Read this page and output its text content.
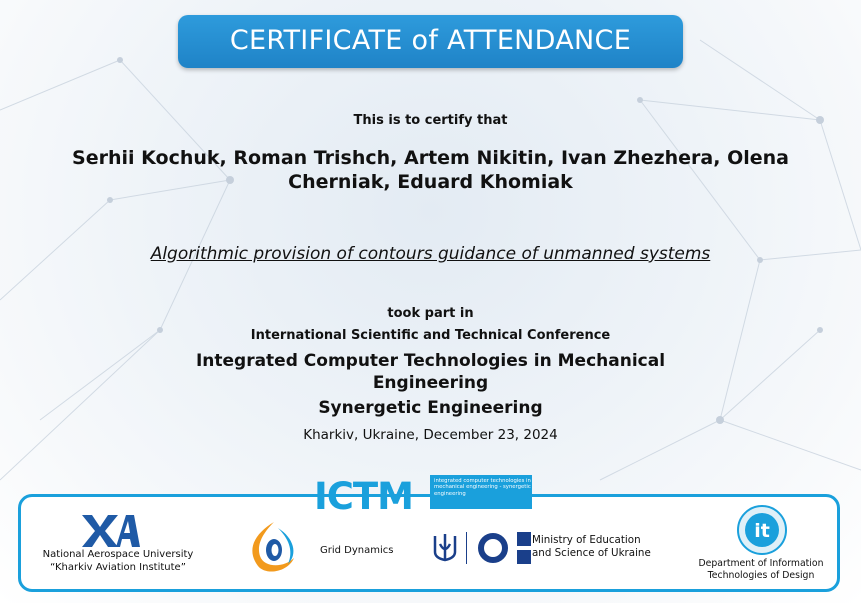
CERTIFICATE of ATTENDANCE
This is to certify that
Serhii Kochuk, Roman Trishch, Artem Nikitin, Ivan Zhezhera, Olena Cherniak, Eduard Khomiak
Algorithmic provision of contours guidance of unmanned systems
took part in
International Scientific and Technical Conference
Integrated Computer Technologies in Mechanical Engineering
Synergetic Engineering
Kharkiv, Ukraine, December 23, 2024
ICTM	integrated computer technologies in mechanical engineering - synergetic engineering
National Aerospace University “Kharkiv Aviation Institute”
Grid Dynamics
Ministry of Education and Science of Ukraine
it
Department of Information Technologies of Design
